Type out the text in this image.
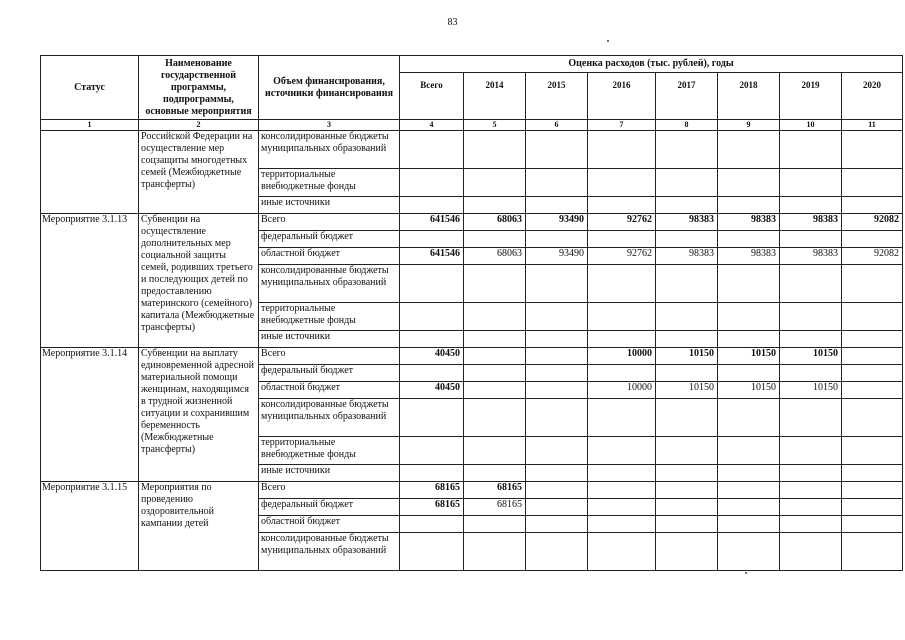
83
Статус	Наименование государственной программы, подпрограммы, основные мероприятия	Объем финансирования, источники финансирования	Оценка расходов (тыс. рублей), годы							
			Всего	2014	2015	2016	2017	2018	2019	2020
1	2	3	4	5	6	7	8	9	10	11
	Российской Федерации на осуществление мер соцзащиты многодетных семей (Межбюджетные трансферты)	консолидированные бюджеты муниципальных образований								
		территориальные внебюджетные фонды								
		иные источники								
Мероприятие 3.1.13	Субвенции на осуществление дополнительных мер социальной защиты семей, родивших третьего и последующих детей по предоставлению материнского (семейного) капитала (Межбюджетные трансферты)	Всего	641546	68063	93490	92762	98383	98383	98383	92082
		федеральный бюджет								
		областной бюджет	641546	68063	93490	92762	98383	98383	98383	92082
		консолидированные бюджеты муниципальных образований								
		территориальные внебюджетные фонды								
		иные источники								
Мероприятие 3.1.14	Субвенции на выплату единовременной адресной материальной помощи женщинам, находящимся в трудной жизненной ситуации и сохранившим беременность (Межбюджетные трансферты)	Всего	40450			10000	10150	10150	10150	
		федеральный бюджет								
		областной бюджет	40450			10000	10150	10150	10150	
		консолидированные бюджеты муниципальных образований								
		территориальные внебюджетные фонды								
		иные источники								
Мероприятие 3.1.15	Мероприятия по проведению оздоровительной кампании детей	Всего	68165	68165						
		федеральный бюджет	68165	68165						
		областной бюджет								
		консолидированные бюджеты муниципальных образований								
